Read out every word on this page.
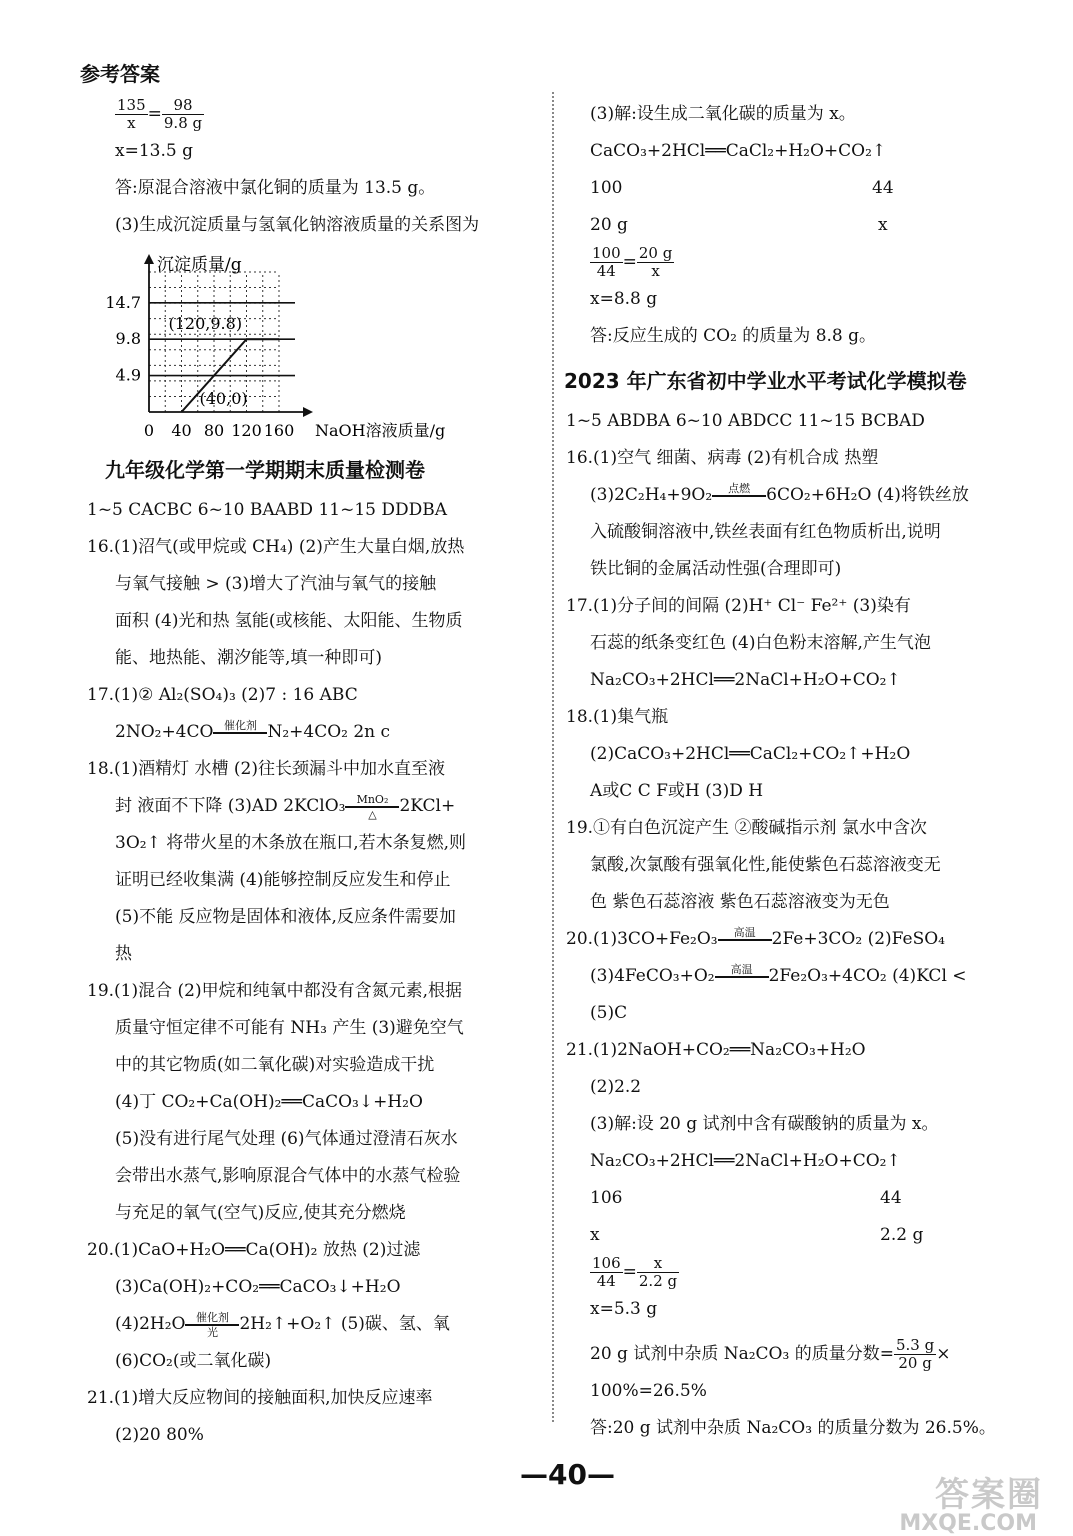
参考答案
$\frac{135}{x} = \frac{98}{9.8 g}$
x=13.5 g
答:原混合溶液中氯化铜的质量为 13.5 g。
(3)生成沉淀质量与氢氧化钠溶液质量的关系图为
沉淀质量/g
NaOH溶液质量/g
0 40 80 120 160
4.9
9.8
14.7
(120,9.8)
(40,0)
九年级化学第一学期期末质量检测卷
1~5 CACBC 6~10 BAABD 11~15 DDDBA
16.(1)沼气(或甲烷或 CH₄) (2)产生大量白烟,放热
与氧气接触 > (3)增大了汽油与氧气的接触
面积 (4)光和热 氢能(或核能、太阳能、生物质
能、地热能、潮汐能等,填一种即可)
17.(1)② Al₂(SO₄)₃ (2)7 : 16 ABC
2NO₂+4CO 催化剂
N₂+4CO₂ 2n c
18.(1)酒精灯 水槽 (2)往长颈漏斗中加水直至液
封 液面不下降 (3)AD 2KClO₃	MnO₂
△	2KCl+
3O₂↑ 将带火星的木条放在瓶口,若木条复燃,则
证明已经收集满 (4)能够控制反应发生和停止
(5)不能 反应物是固体和液体,反应条件需要加
热
19.(1)混合 (2)甲烷和纯氧中都没有含氮元素,根据
质量守恒定律不可能有 NH₃ 产生 (3)避免空气
中的其它物质(如二氧化碳)对实验造成干扰
(4)丁 CO₂+Ca(OH)₂══CaCO₃↓+H₂O
(5)没有进行尾气处理 (6)气体通过澄清石灰水
会带出水蒸气,影响原混合气体中的水蒸气检验
与充足的氧气(空气)反应,使其充分燃烧
20.(1)CaO+H₂O══Ca(OH)₂ 放热 (2)过滤
(3)Ca(OH)₂+CO₂══CaCO₃↓+H₂O
(4)2H₂O 催化剂
光	2H₂↑+O₂↑ (5)碳、氢、氧
(6)CO₂(或二氧化碳)
21.(1)增大反应物间的接触面积,加快反应速率
(2)20 80%
(3)解:设生成二氧化碳的质量为 x。
CaCO₃+2HCl══CaCl₂+H₂O+CO₂↑
100	44
20 g	x
$\frac{100}{44} = \frac{20 g}{x}$
x=8.8 g
答:反应生成的 CO₂ 的质量为 8.8 g。
2023 年广东省初中学业水平考试化学模拟卷
1~5 ABDBA 6~10 ABDCC 11~15 BCBAD
16.(1)空气 细菌、病毒 (2)有机合成 热塑
(3)2C₂H₄+9O₂	点燃
6CO₂+6H₂O (4)将铁丝放
入硫酸铜溶液中,铁丝表面有红色物质析出,说明
铁比铜的金属活动性强(合理即可)
17.(1)分子间的间隔 (2)H⁺ Cl⁻ Fe²⁺ (3)染有
石蕊的纸条变红色 (4)白色粉末溶解,产生气泡
Na₂CO₃+2HCl══2NaCl+H₂O+CO₂↑
18.(1)集气瓶
(2)CaCO₃+2HCl══CaCl₂+CO₂↑+H₂O
A或C C F或H (3)D H
19.①有白色沉淀产生 ②酸碱指示剂 氯水中含次
氯酸,次氯酸有强氧化性,能使紫色石蕊溶液变无
色 紫色石蕊溶液 紫色石蕊溶液变为无色
20.(1)3CO+Fe₂O₃	高温
2Fe+3CO₂ (2)FeSO₄
(3)4FeCO₃+O₂	高温
2Fe₂O₃+4CO₂ (4)KCl <
(5)C
21.(1)2NaOH+CO₂══Na₂CO₃+H₂O
(2)2.2
(3)解:设 20 g 试剂中含有碳酸钠的质量为 x。
Na₂CO₃+2HCl══2NaCl+H₂O+CO₂↑
106	44
x	2.2 g
$\frac{106}{44} = \frac{x}{2.2 g}$
x=5.3 g
20 g 试剂中杂质 Na₂CO₃ 的质量分数= $\frac{5.3 g}{20 g}$ ×
100%=26.5%
答:20 g 试剂中杂质 Na₂CO₃ 的质量分数为 26.5%。
—40—
答案圈
MXQE.COM
